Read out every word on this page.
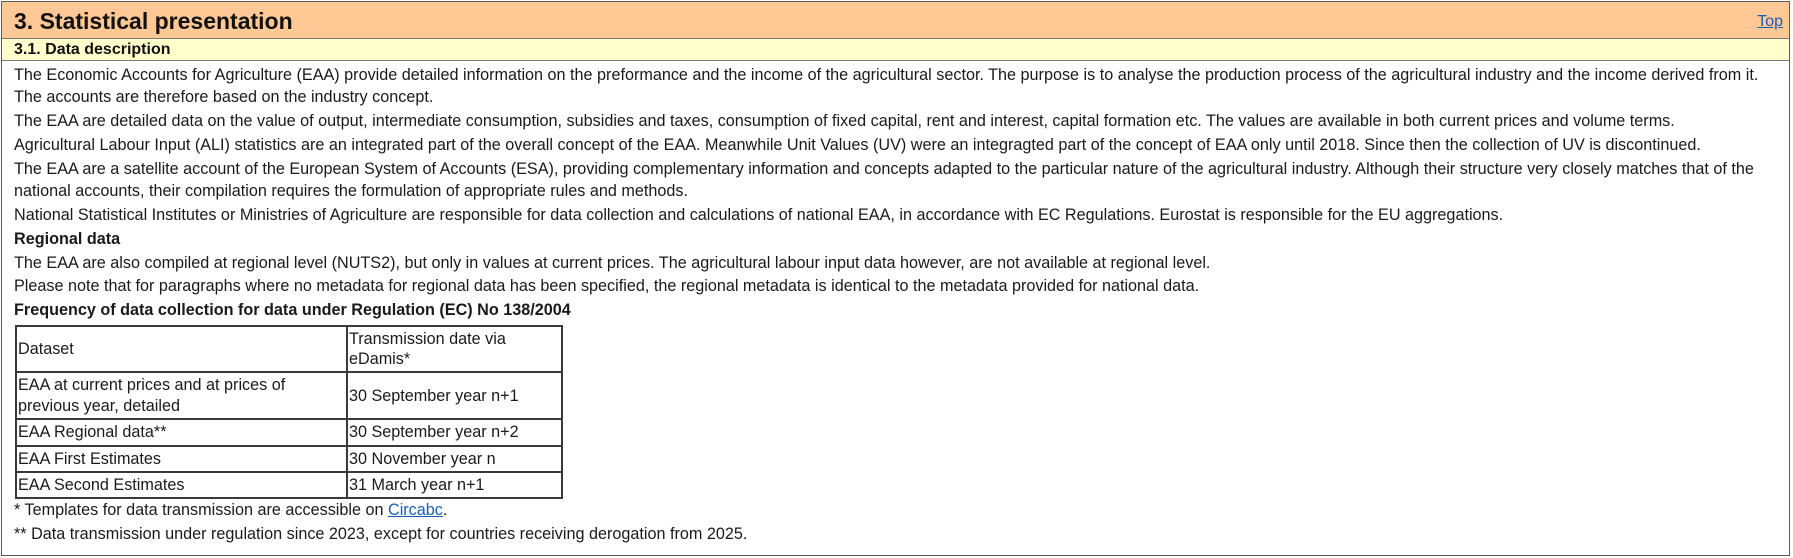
3. Statistical presentation	Top
3.1. Data description

The Economic Accounts for Agriculture (EAA) provide detailed information on the preformance and the income of the agricultural sector. The purpose is to analyse the production process of the agricultural industry and the income derived from it. The accounts are therefore based on the industry concept.

The EAA are detailed data on the value of output, intermediate consumption, subsidies and taxes, consumption of fixed capital, rent and interest, capital formation etc. The values are available in both current prices and volume terms.

Agricultural Labour Input (ALI) statistics are an integrated part of the overall concept of the EAA. Meanwhile Unit Values (UV) were an integragted part of the concept of EAA only until 2018. Since then the collection of UV is discontinued.

The EAA are a satellite account of the European System of Accounts (ESA), providing complementary information and concepts adapted to the particular nature of the agricultural industry. Although their structure very closely matches that of the national accounts, their compilation requires the formulation of appropriate rules and methods.

National Statistical Institutes or Ministries of Agriculture are responsible for data collection and calculations of national EAA, in accordance with EC Regulations. Eurostat is responsible for the EU aggregations.

Regional data

The EAA are also compiled at regional level (NUTS2), but only in values at current prices. The agricultural labour input data however, are not available at regional level.

Please note that for paragraphs where no metadata for regional data has been specified, the regional metadata is identical to the metadata provided for national data.

Frequency of data collection for data under Regulation (EC) No 138/2004

Dataset	Transmission date via eDamis*
EAA at current prices and at prices of previous year, detailed	30 September year n+1
EAA Regional data**	30 September year n+2
EAA First Estimates	30 November year n
EAA Second Estimates	31 March year n+1

* Templates for data transmission are accessible on Circabc.

** Data transmission under regulation since 2023, except for countries receiving derogation from 2025.
